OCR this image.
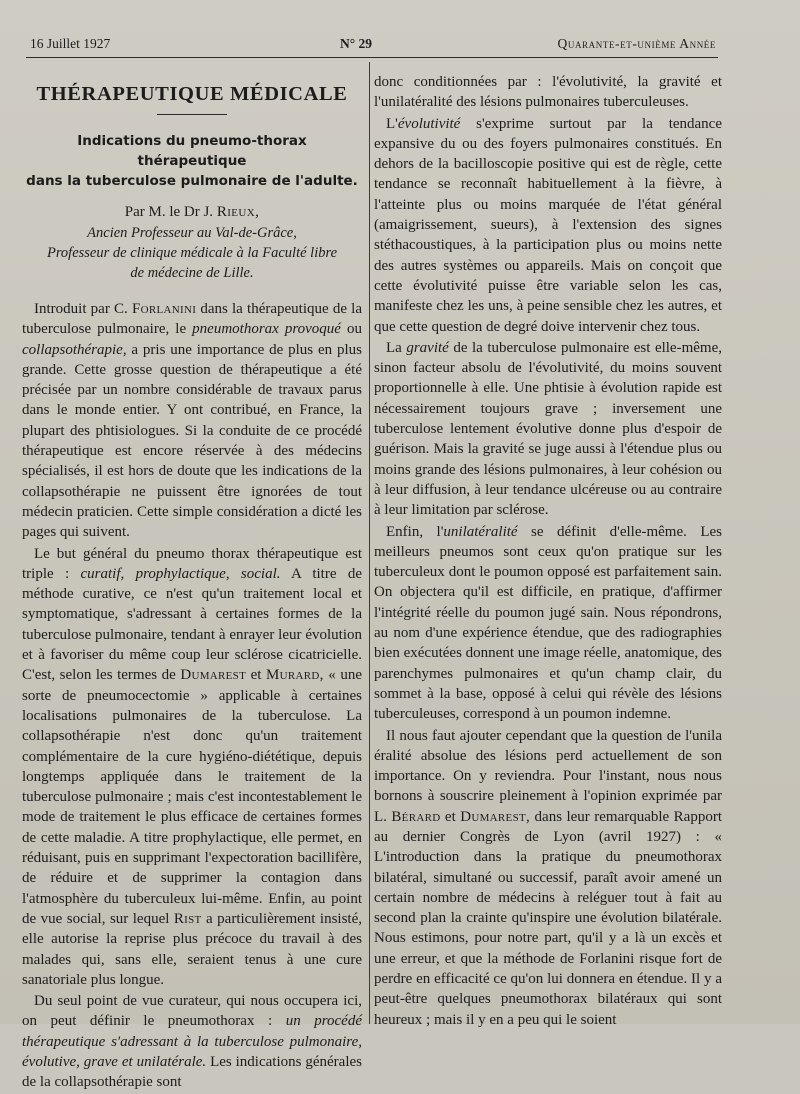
16 Juillet 1927	N° 29	Quarante-et-unième Année
THÉRAPEUTIQUE MÉDICALE
Indications du pneumo-thorax thérapeutique
dans la tuberculose pulmonaire de l'adulte.

Par M. le Dr J. Rieux,

Ancien Professeur au Val-de-Grâce,

Professeur de clinique médicale à la Faculté libre

de médecine de Lille.

Introduit par C. Forlanini dans la thérapeutique de la tuberculose pulmonaire, le pneumothorax provoqué ou collapsothérapie, a pris une importance de plus en plus grande. Cette grosse question de thérapeutique a été précisée par un nombre considérable de travaux parus dans le monde entier. Y ont contribué, en France, la plupart des phtisiologues. Si la conduite de ce procédé thérapeutique est encore réservée à des médecins spécialisés, il est hors de doute que les indications de la collapsothérapie ne puissent être ignorées de tout médecin praticien. Cette simple considération a dicté les pages qui suivent.

Le but général du pneumo thorax thérapeutique est triple : curatif, prophylactique, social. A titre de méthode curative, ce n'est qu'un traitement local et symptomatique, s'adressant à certaines formes de la tuberculose pulmonaire, tendant à enrayer leur évolution et à favoriser du même coup leur sclérose cicatricielle. C'est, selon les termes de Dumarest et Murard, « une sorte de pneumocectomie » applicable à certaines localisations pulmonaires de la tuberculose. La collapsothérapie n'est donc qu'un traitement complémentaire de la cure hygiéno-diététique, depuis longtemps appliquée dans le traitement de la tuberculose pulmonaire ; mais c'est incontestablement le mode de traitement le plus efficace de certaines formes de cette maladie. A titre prophylactique, elle permet, en réduisant, puis en supprimant l'expectoration bacillifère, de réduire et de supprimer la contagion dans l'atmosphère du tuberculeux lui-même. Enfin, au point de vue social, sur lequel Rist a particulièrement insisté, elle autorise la reprise plus précoce du travail à des malades qui, sans elle, seraient tenus à une cure sanatoriale plus longue.

Du seul point de vue curateur, qui nous occupera ici, on peut définir le pneumothorax : un procédé thérapeutique s'adressant à la tuberculose pulmonaire, évolutive, grave et unilatérale. Les indications générales de la collapsothérapie sont

donc conditionnées par : l'évolutivité, la gravité et l'unilatéralité des lésions pulmonaires tuberculeuses.

L'évolutivité s'exprime surtout par la tendance expansive du ou des foyers pulmonaires constitués. En dehors de la bacilloscopie positive qui est de règle, cette tendance se reconnaît habituellement à la fièvre, à l'atteinte plus ou moins marquée de l'état général (amaigrissement, sueurs), à l'extension des signes stéthacoustiques, à la participation plus ou moins nette des autres systèmes ou appareils. Mais on conçoit que cette évolutivité puisse être variable selon les cas, manifeste chez les uns, à peine sensible chez les autres, et que cette question de degré doive intervenir chez tous.

La gravité de la tuberculose pulmonaire est elle-même, sinon facteur absolu de l'évolutivité, du moins souvent proportionnelle à elle. Une phtisie à évolution rapide est nécessairement toujours grave ; inversement une tuberculose lentement évolutive donne plus d'espoir de guérison. Mais la gravité se juge aussi à l'étendue plus ou moins grande des lésions pulmonaires, à leur cohésion ou à leur diffusion, à leur tendance ulcéreuse ou au contraire à leur limitation par sclérose.

Enfin, l'unilatéralité se définit d'elle-même. Les meilleurs pneumos sont ceux qu'on pratique sur les tuberculeux dont le poumon opposé est parfaitement sain. On objectera qu'il est difficile, en pratique, d'affirmer l'intégrité réelle du poumon jugé sain. Nous répondrons, au nom d'une expérience étendue, que des radiographies bien exécutées donnent une image réelle, anatomique, des parenchymes pulmonaires et qu'un champ clair, du sommet à la base, opposé à celui qui révèle des lésions tuberculeuses, correspond à un poumon indemne.

Il nous faut ajouter cependant que la question de l'unila éralité absolue des lésions perd actuellement de son importance. On y reviendra. Pour l'instant, nous nous bornons à souscrire pleinement à l'opinion exprimée par L. Bérard et Dumarest, dans leur remarquable Rapport au dernier Congrès de Lyon (avril 1927) : « L'introduction dans la pratique du pneumothorax bilatéral, simultané ou successif, paraît avoir amené un certain nombre de médecins à reléguer tout à fait au second plan la crainte qu'inspire une évolution bilatérale. Nous estimons, pour notre part, qu'il y a là un excès et une erreur, et que la méthode de Forlanini risque fort de perdre en efficacité ce qu'on lui donnera en étendue. Il y a peut-être quelques pneumothorax bilatéraux qui sont heureux ; mais il y en a peu qui le soient
